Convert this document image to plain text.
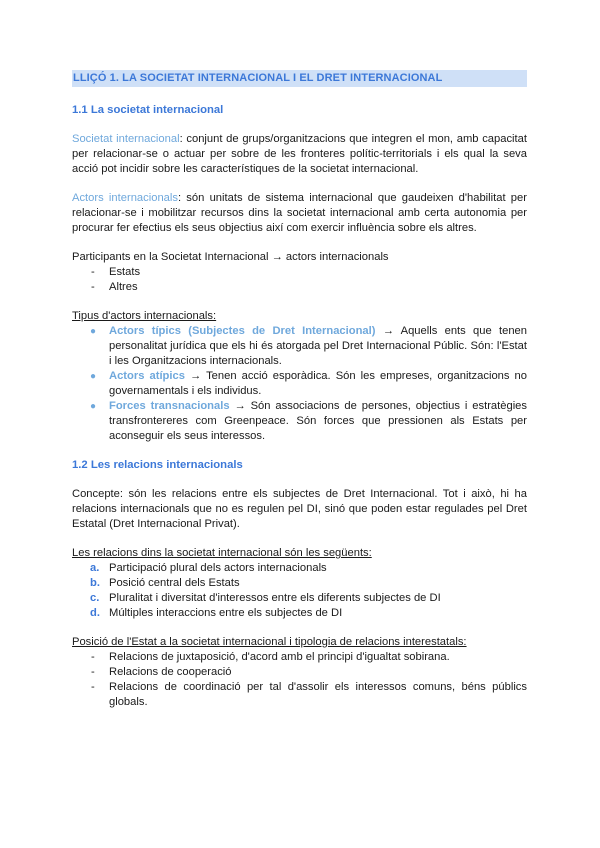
LLIÇÓ 1. LA SOCIETAT INTERNACIONAL I EL DRET INTERNACIONAL
1.1 La societat internacional

Societat internacional: conjunt de grups/organitzacions que integren el mon, amb capacitat per relacionar-se o actuar per sobre de les fronteres polític-territorials i els qual la seva acció pot incidir sobre les característiques de la societat internacional.

Actors internacionals: són unitats de sistema internacional que gaudeixen d'habilitat per relacionar-se i mobilitzar recursos dins la societat internacional amb certa autonomia per procurar fer efectius els seus objectius així com exercir influència sobre els altres.

Participants en la Societat Internacional → actors internacionals
- Estats
- Altres
Tipus d'actors internacionals:
● Actors típics (Subjectes de Dret Internacional) → Aquells ents que tenen personalitat jurídica que els hi és atorgada pel Dret Internacional Públic. Són: l'Estat i les Organitzacions internacionals.
● Actors atípics → Tenen acció esporàdica. Són les empreses, organitzacions no governamentals i els individus.
● Forces transnacionals → Són associacions de persones, objectius i estratègies transfrontereres com Greenpeace. Són forces que pressionen als Estats per aconseguir els seus interessos.
1.2 Les relacions internacionals

Concepte: són les relacions entre els subjectes de Dret Internacional. Tot i això, hi ha relacions internacionals que no es regulen pel DI, sinó que poden estar regulades pel Dret Estatal (Dret Internacional Privat).

Les relacions dins la societat internacional són les següents:
a. Participació plural dels actors internacionals
b. Posició central dels Estats
c. Pluralitat i diversitat d'interessos entre els diferents subjectes de DI
d. Múltiples interaccions entre els subjectes de DI
Posició de l'Estat a la societat internacional i tipologia de relacions interestatals:
- Relacions de juxtaposició, d'acord amb el principi d'igualtat sobirana.
- Relacions de cooperació
- Relacions de coordinació per tal d'assolir els interessos comuns, béns públics globals.
